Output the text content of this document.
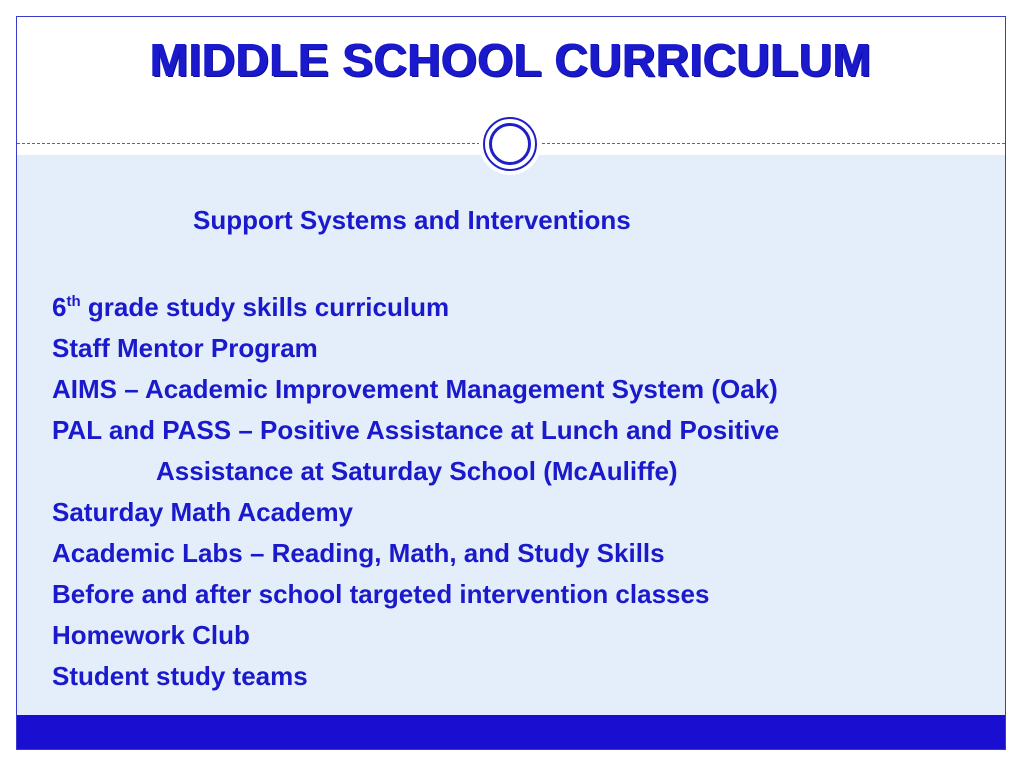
MIDDLE SCHOOL CURRICULUM
Support Systems and Interventions
6th grade study skills curriculum
Staff Mentor Program
AIMS – Academic Improvement Management System (Oak)
PAL and PASS – Positive Assistance at Lunch and Positive
Assistance at Saturday School (McAuliffe)
Saturday Math Academy
Academic Labs – Reading, Math, and Study Skills
Before and after school targeted intervention classes
Homework Club
Student study teams
